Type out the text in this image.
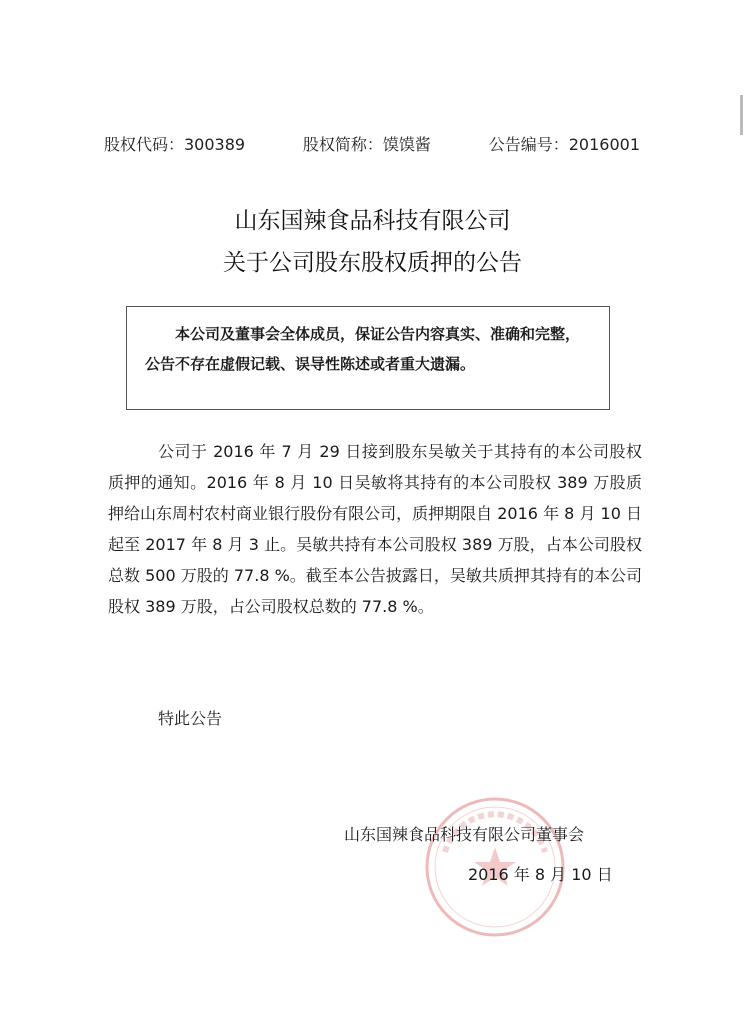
股权代码：300389	股权简称：馍馍酱	公告编号：2016001
山东国辣食品科技有限公司
关于公司股东股权质押的公告
本公司及董事会全体成员，保证公告内容真实、准确和完整，公告不存在虚假记载、误导性陈述或者重大遗漏。
公司于 2016 年 7 月 29 日接到股东吴敏关于其持有的本公司股权质押的通知。2016 年 8 月 10 日吴敏将其持有的本公司股权 389 万股质押给山东周村农村商业银行股份有限公司，质押期限自 2016 年 8 月 10 日起至 2017 年 8 月 3 止。吴敏共持有本公司股权 389 万股，占本公司股权总数 500 万股的 77.8 %。截至本公告披露日，吴敏共质押其持有的本公司股权 389 万股，占公司股权总数的 77.8 %。
特此公告
山东国辣食品科技有限公司董事会
2016 年 8 月 10 日
